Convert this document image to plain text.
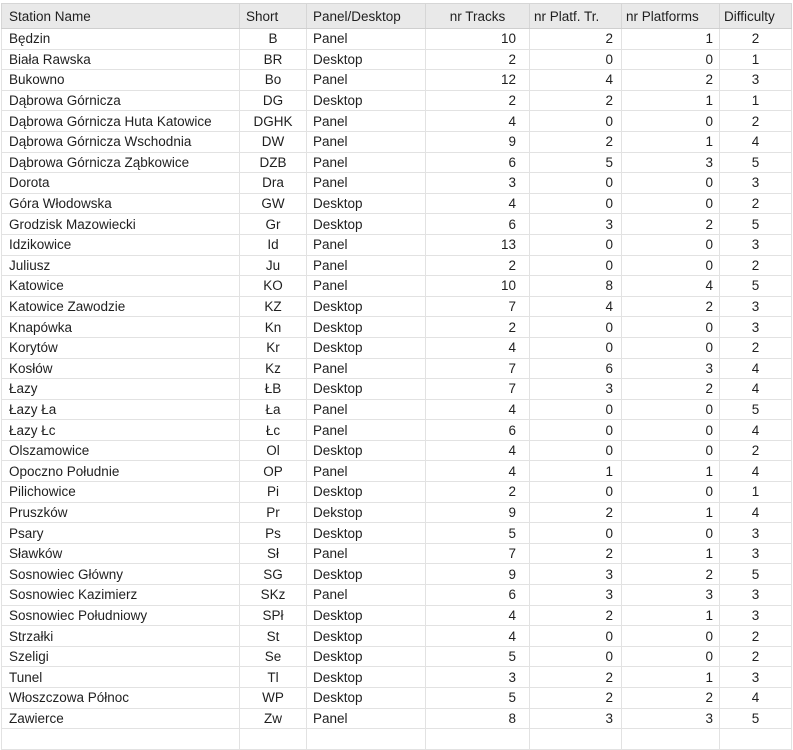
Station Name	Short	Panel/Desktop	nr Tracks	nr Platf. Tr.	nr Platforms	Difficulty
Będzin	B	Panel	10	2	1	2
Biała Rawska	BR	Desktop	2	0	0	1
Bukowno	Bo	Panel	12	4	2	3
Dąbrowa Górnicza	DG	Desktop	2	2	1	1
Dąbrowa Górnicza Huta Katowice	DGHK	Panel	4	0	0	2
Dąbrowa Górnicza Wschodnia	DW	Panel	9	2	1	4
Dąbrowa Górnicza Ząbkowice	DZB	Panel	6	5	3	5
Dorota	Dra	Panel	3	0	0	3
Góra Włodowska	GW	Desktop	4	0	0	2
Grodzisk Mazowiecki	Gr	Desktop	6	3	2	5
Idzikowice	Id	Panel	13	0	0	3
Juliusz	Ju	Panel	2	0	0	2
Katowice	KO	Panel	10	8	4	5
Katowice Zawodzie	KZ	Desktop	7	4	2	3
Knapówka	Kn	Desktop	2	0	0	3
Korytów	Kr	Desktop	4	0	0	2
Kosłów	Kz	Panel	7	6	3	4
Łazy	ŁB	Desktop	7	3	2	4
Łazy Ła	Ła	Panel	4	0	0	5
Łazy Łc	Łc	Panel	6	0	0	4
Olszamowice	Ol	Desktop	4	0	0	2
Opoczno Południe	OP	Panel	4	1	1	4
Pilichowice	Pi	Desktop	2	0	0	1
Pruszków	Pr	Dekstop	9	2	1	4
Psary	Ps	Desktop	5	0	0	3
Sławków	Sł	Panel	7	2	1	3
Sosnowiec Główny	SG	Desktop	9	3	2	5
Sosnowiec Kazimierz	SKz	Panel	6	3	3	3
Sosnowiec Południowy	SPł	Desktop	4	2	1	3
Strzałki	St	Desktop	4	0	0	2
Szeligi	Se	Desktop	5	0	0	2
Tunel	Tl	Desktop	3	2	1	3
Włoszczowa Północ	WP	Desktop	5	2	2	4
Zawierce	Zw	Panel	8	3	3	5
